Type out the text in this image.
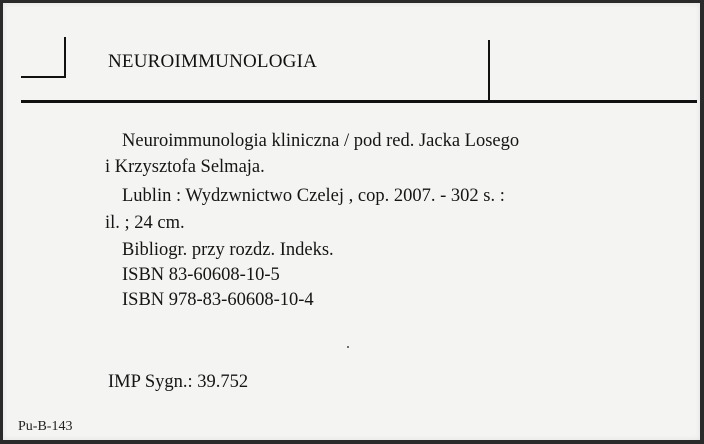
NEUROIMMUNOLOGIA
Neuroimmunologia kliniczna / pod red. Jacka Losego
i Krzysztofa Selmaja.
Lublin : Wydzwnictwo Czelej , cop. 2007. - 302 s. :
il. ; 24 cm.
Bibliogr. przy rozdz. Indeks.
ISBN 83-60608-10-5
ISBN 978-83-60608-10-4
IMP Sygn.: 39.752
Pu-B-143
